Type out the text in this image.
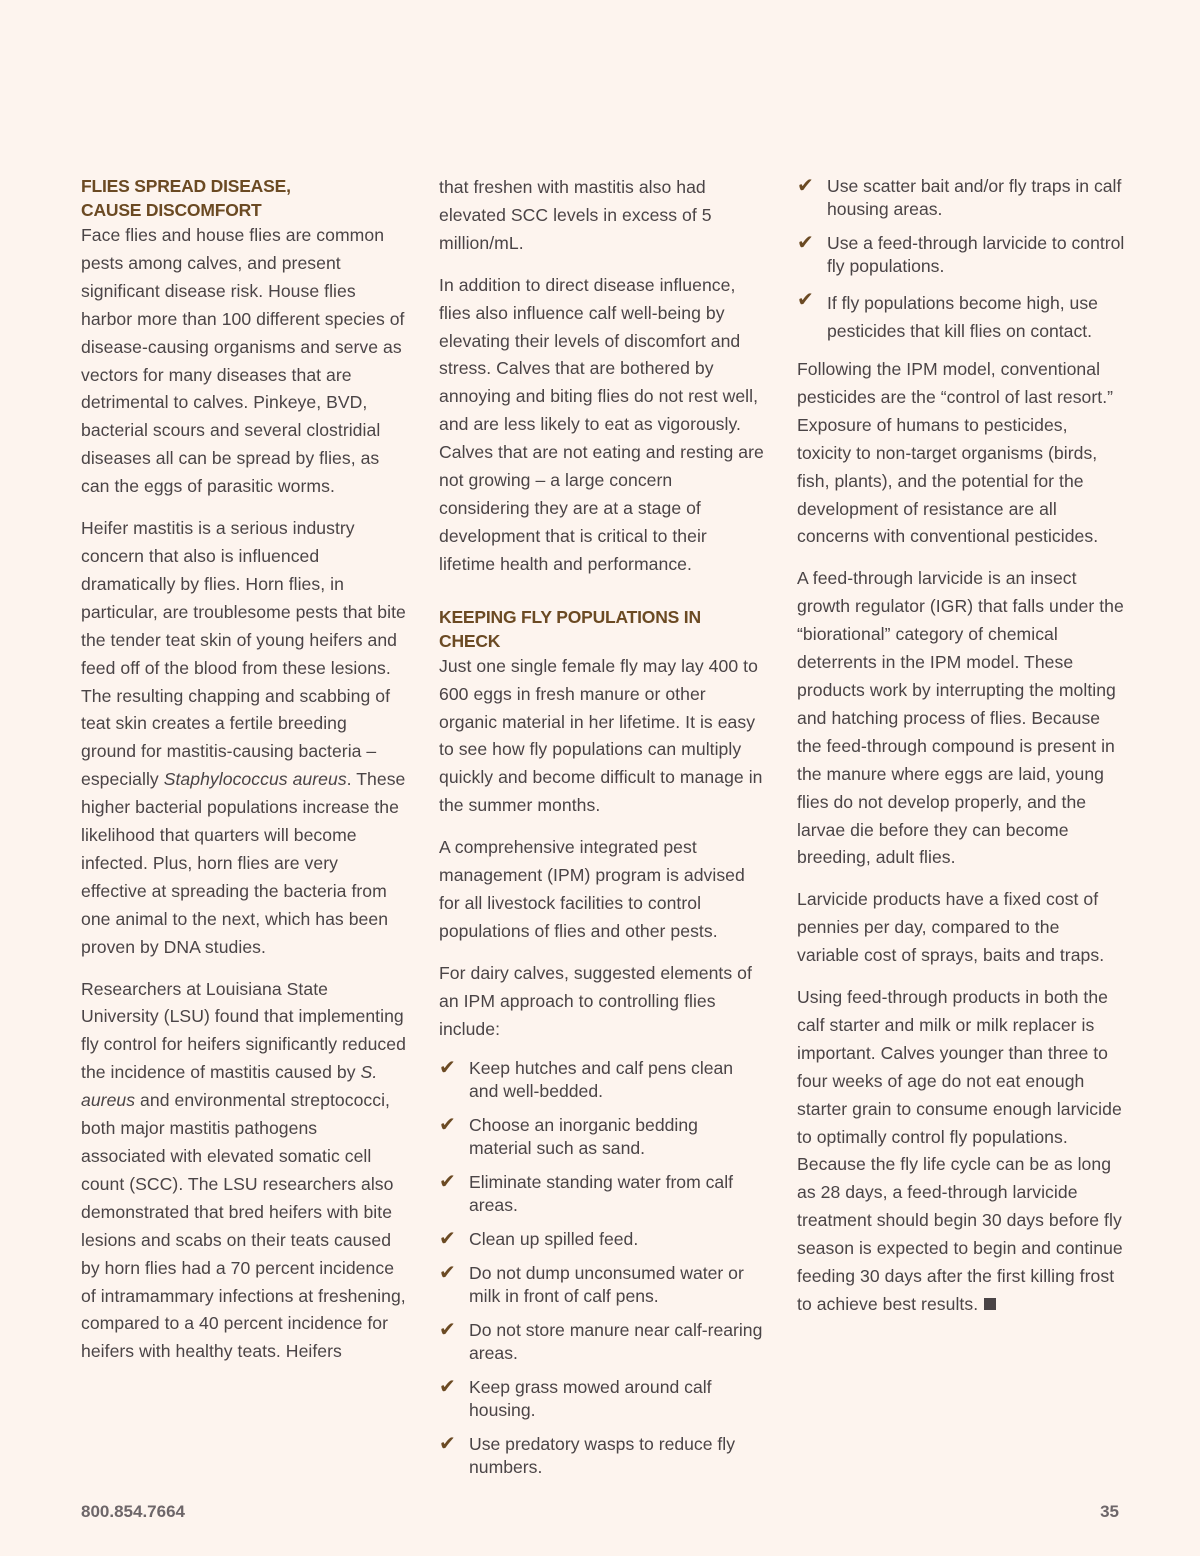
FLIES SPREAD DISEASE,
CAUSE DISCOMFORT

Face flies and house flies are common pests among calves, and present significant disease risk. House flies harbor more than 100 different species of disease-causing organisms and serve as vectors for many diseases that are detrimental to calves. Pinkeye, BVD, bacterial scours and several clostridial diseases all can be spread by flies, as can the eggs of parasitic worms.

Heifer mastitis is a serious industry concern that also is influenced dramatically by flies. Horn flies, in particular, are troublesome pests that bite the tender teat skin of young heifers and feed off of the blood from these lesions. The resulting chapping and scabbing of teat skin creates a fertile breeding ground for mastitis-causing bacteria – especially Staphylococcus aureus. These higher bacterial populations increase the likelihood that quarters will become infected. Plus, horn flies are very effective at spreading the bacteria from one animal to the next, which has been proven by DNA studies.

Researchers at Louisiana State University (LSU) found that implementing fly control for heifers significantly reduced the incidence of mastitis caused by S. aureus and environmental streptococci, both major mastitis pathogens associated with elevated somatic cell count (SCC). The LSU researchers also demonstrated that bred heifers with bite lesions and scabs on their teats caused by horn flies had a 70 percent incidence of intramammary infections at freshening, compared to a 40 percent incidence for heifers with healthy teats. Heifers

that freshen with mastitis also had elevated SCC levels in excess of 5 million/mL.

In addition to direct disease influence, flies also influence calf well-being by elevating their levels of discomfort and stress. Calves that are bothered by annoying and biting flies do not rest well, and are less likely to eat as vigorously. Calves that are not eating and resting are not growing – a large concern considering they are at a stage of development that is critical to their lifetime health and performance.

KEEPING FLY POPULATIONS IN CHECK

Just one single female fly may lay 400 to 600 eggs in fresh manure or other organic material in her lifetime. It is easy to see how fly populations can multiply quickly and become difficult to manage in the summer months.

A comprehensive integrated pest management (IPM) program is advised for all livestock facilities to control populations of flies and other pests.

For dairy calves, suggested elements of an IPM approach to controlling flies include:

✔ Keep hutches and calf pens clean and well-bedded.
✔ Choose an inorganic bedding material such as sand.
✔ Eliminate standing water from calf areas.
✔ Clean up spilled feed.
✔ Do not dump unconsumed water or milk in front of calf pens.
✔ Do not store manure near calf-rearing areas.
✔ Keep grass mowed around calf housing.
✔ Use predatory wasps to reduce fly numbers.
✔ Use scatter bait and/or fly traps in calf housing areas.
✔ Use a feed-through larvicide to control fly populations.
✔ If fly populations become high, use pesticides that kill flies on contact.

Following the IPM model, conventional pesticides are the “control of last resort.” Exposure of humans to pesticides, toxicity to non-target organisms (birds, fish, plants), and the potential for the development of resistance are all concerns with conventional pesticides.

A feed-through larvicide is an insect growth regulator (IGR) that falls under the “biorational” category of chemical deterrents in the IPM model. These products work by interrupting the molting and hatching process of flies. Because the feed-through compound is present in the manure where eggs are laid, young flies do not develop properly, and the larvae die before they can become breeding, adult flies.

Larvicide products have a fixed cost of pennies per day, compared to the variable cost of sprays, baits and traps.

Using feed-through products in both the calf starter and milk or milk replacer is important. Calves younger than three to four weeks of age do not eat enough starter grain to consume enough larvicide to optimally control fly populations. Because the fly life cycle can be as long as 28 days, a feed-through larvicide treatment should begin 30 days before fly season is expected to begin and continue feeding 30 days after the first killing frost to achieve best results.

800.854.7664	35
